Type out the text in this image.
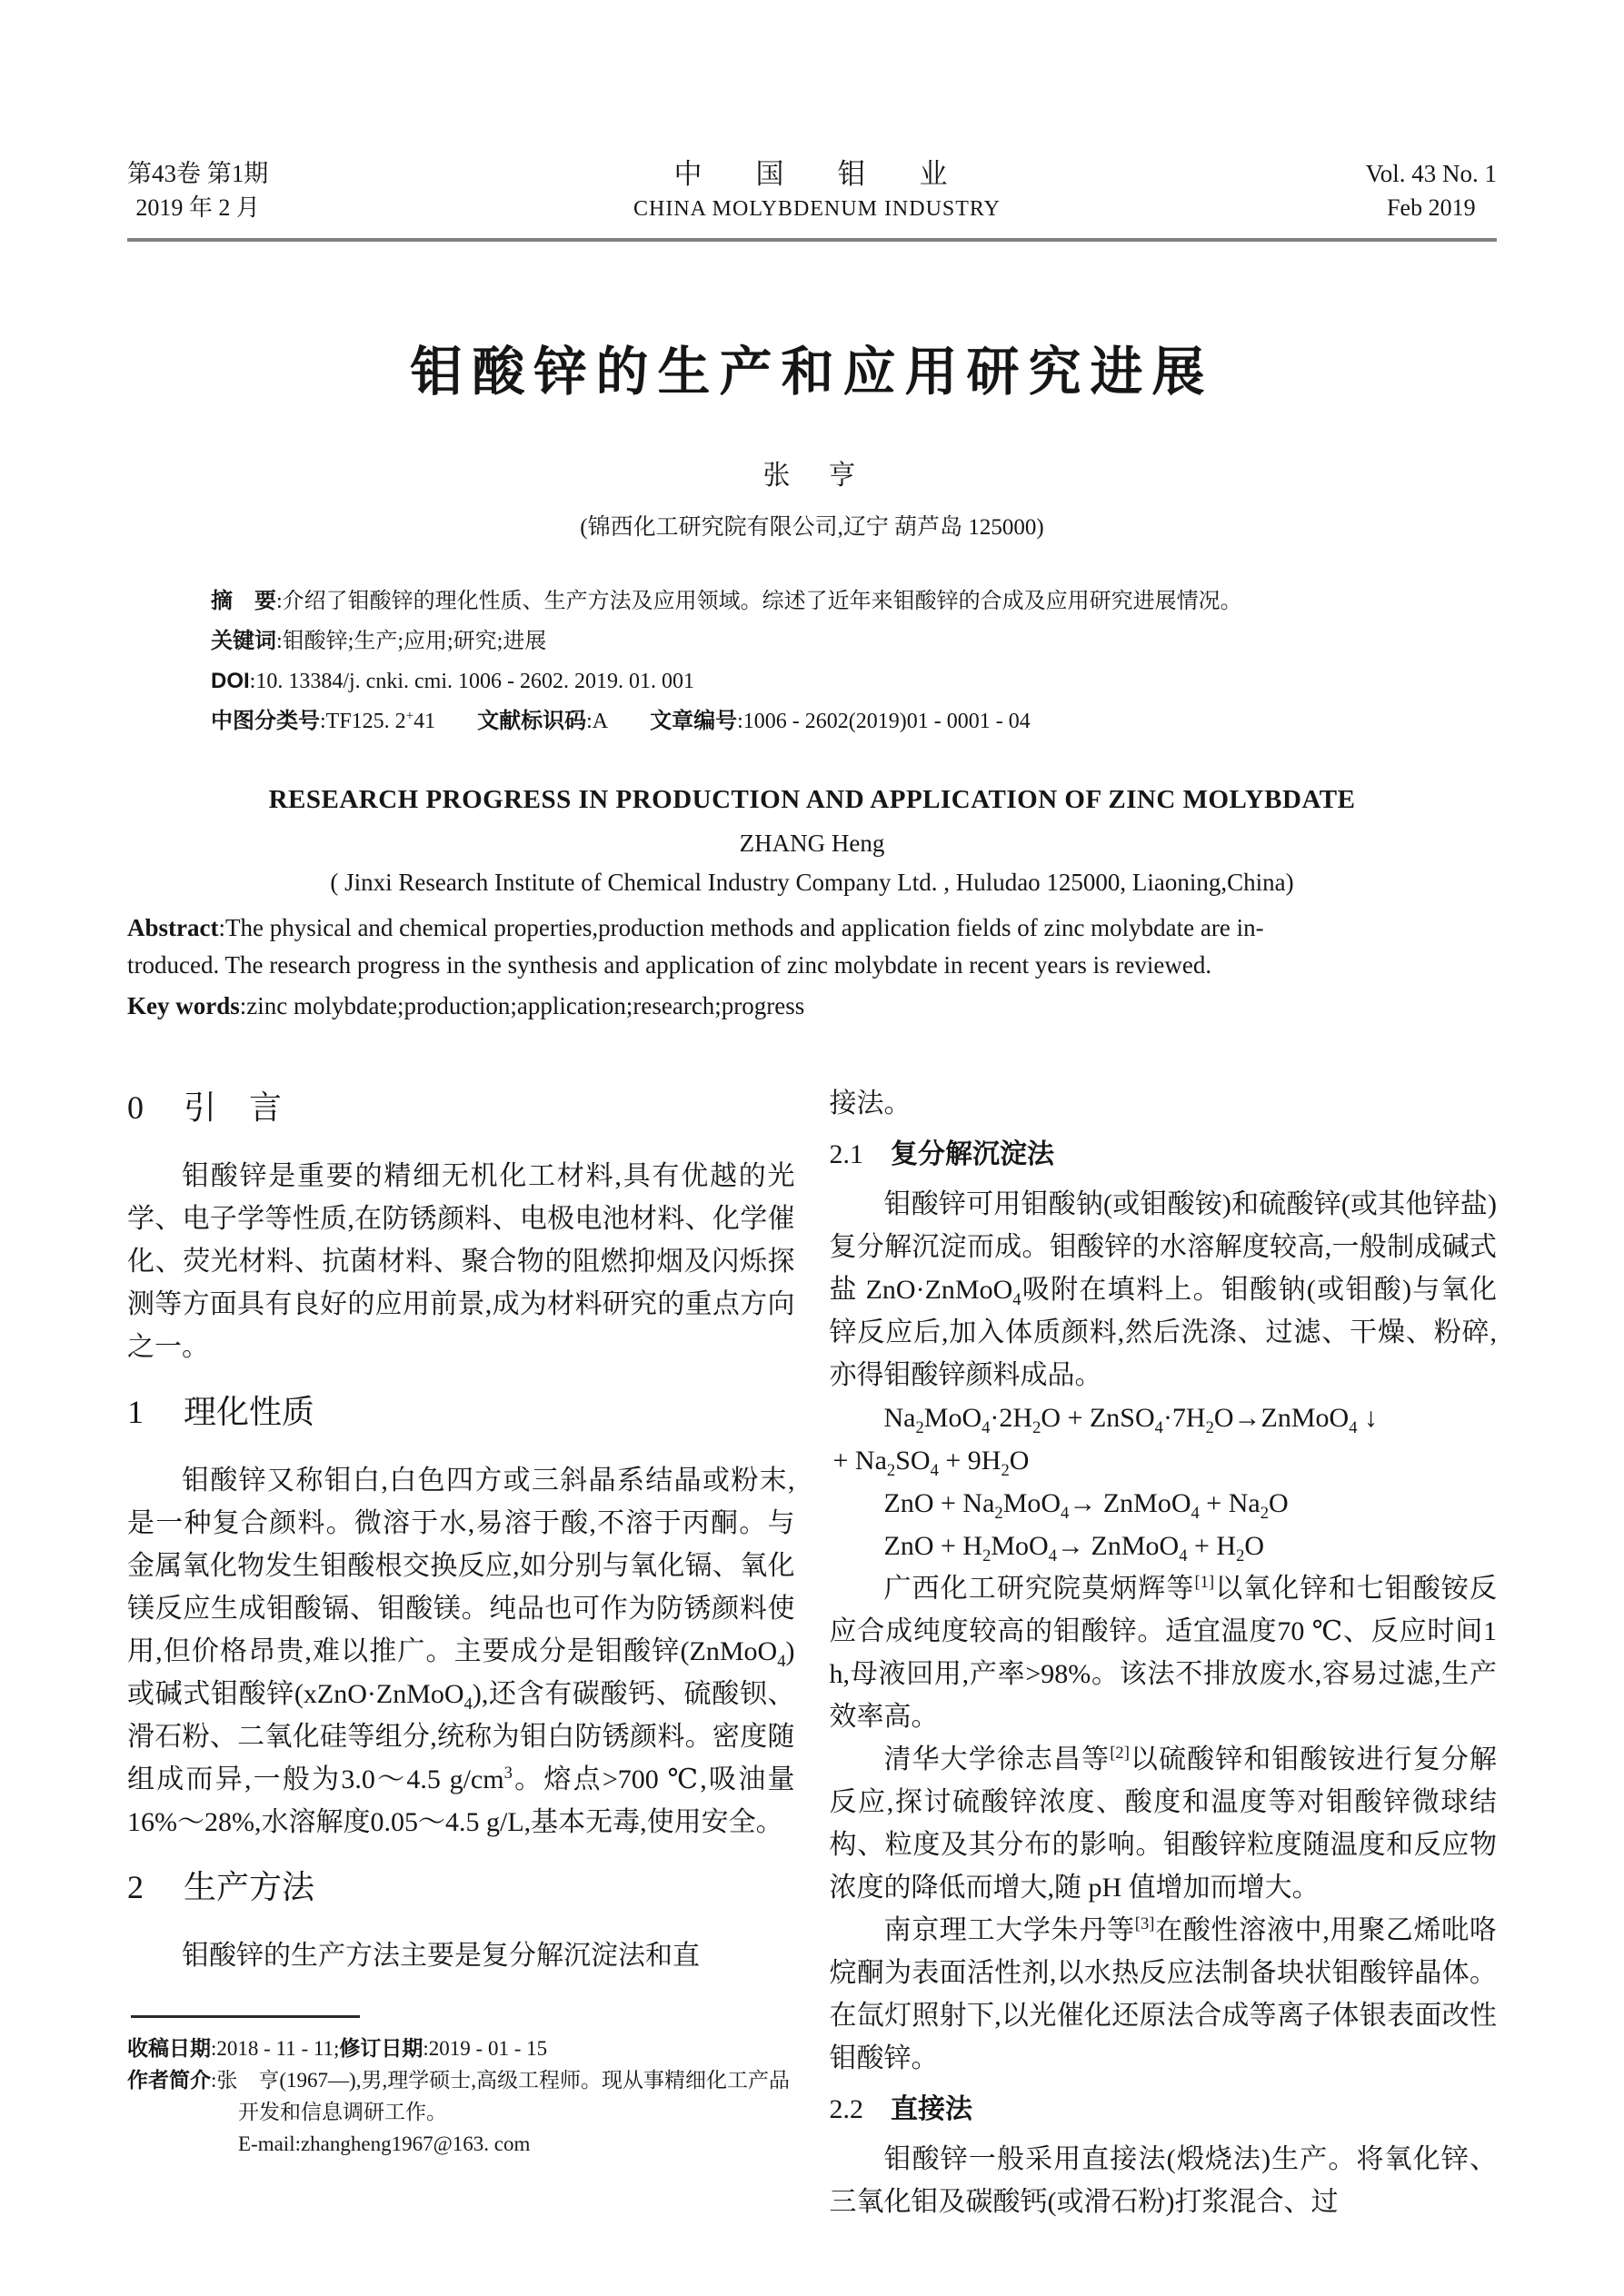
第43卷 第1期
2019 年 2 月
中　国　钼　业
CHINA MOLYBDENUM INDUSTRY
Vol. 43 No. 1
Feb 2019
钼酸锌的生产和应用研究进展
张　亨
(锦西化工研究院有限公司,辽宁 葫芦岛 125000)
摘　要:介绍了钼酸锌的理化性质、生产方法及应用领域。综述了近年来钼酸锌的合成及应用研究进展情况。
关键词:钼酸锌;生产;应用;研究;进展
DOI:10. 13384/j. cnki. cmi. 1006 - 2602. 2019. 01. 001
中图分类号:TF125. 2+41 文献标识码:A 文章编号:1006 - 2602(2019)01 - 0001 - 04
RESEARCH PROGRESS IN PRODUCTION AND APPLICATION OF ZINC MOLYBDATE
ZHANG Heng
( Jinxi Research Institute of Chemical Industry Company Ltd. , Huludao 125000, Liaoning,China)
Abstract:The physical and chemical properties,production methods and application fields of zinc molybdate are in-
troduced. The research progress in the synthesis and application of zinc molybdate in recent years is reviewed.
Key words:zinc molybdate;production;application;research;progress
0 引　言

钼酸锌是重要的精细无机化工材料,具有优越的光学、电子学等性质,在防锈颜料、电极电池材料、化学催化、荧光材料、抗菌材料、聚合物的阻燃抑烟及闪烁探测等方面具有良好的应用前景,成为材料研究的重点方向之一。

1 理化性质

钼酸锌又称钼白,白色四方或三斜晶系结晶或粉末,是一种复合颜料。微溶于水,易溶于酸,不溶于丙酮。与金属氧化物发生钼酸根交换反应,如分别与氧化镉、氧化镁反应生成钼酸镉、钼酸镁。纯品也可作为防锈颜料使用,但价格昂贵,难以推广。主要成分是钼酸锌(ZnMoO$_4$)或碱式钼酸锌(xZnO·ZnMoO$_4$),还含有碳酸钙、硫酸钡、滑石粉、二氧化硅等组分,统称为钼白防锈颜料。密度随组成而异,一般为3.0～4.5 $g/cm^3$。熔点>700 ℃,吸油量16%～28%,水溶解度0.05～4.5 g/L,基本无毒,使用安全。

2 生产方法

钼酸锌的生产方法主要是复分解沉淀法和直

收稿日期:2018 - 11 - 11;修订日期:2019 - 01 - 15
作者简介:张　亨(1967—),男,理学硕士,高级工程师。现从事精细化工产品开发和信息调研工作。
E-mail:zhangheng1967@163. com

接法。

2.1 复分解沉淀法

钼酸锌可用钼酸钠(或钼酸铵)和硫酸锌(或其他锌盐)复分解沉淀而成。钼酸锌的水溶解度较高,一般制成碱式盐 ZnO·ZnMoO$_4$吸附在填料上。钼酸钠(或钼酸)与氧化锌反应后,加入体质颜料,然后洗涤、过滤、干燥、粉碎,亦得钼酸锌颜料成品。

$Na_2MoO_4\cdot 2H_2O$ + $ZnSO_4\cdot 7H_2O\to ZnMoO_4$ ↓
+ $Na_2SO_4 + 9H_2O$
ZnO + $Na_2MoO_4\to$ ZnMoO$_4$ + $Na_2O$
ZnO + $H_2MoO_4\to$ ZnMoO$_4$ + $H_2O$

广西化工研究院莫炳辉等[1]以氧化锌和七钼酸铵反应合成纯度较高的钼酸锌。适宜温度70 ℃、反应时间1 h,母液回用,产率>98%。该法不排放废水,容易过滤,生产效率高。

清华大学徐志昌等[2]以硫酸锌和钼酸铵进行复分解反应,探讨硫酸锌浓度、酸度和温度等对钼酸锌微球结构、粒度及其分布的影响。钼酸锌粒度随温度和反应物浓度的降低而增大,随 pH 值增加而增大。

南京理工大学朱丹等[3]在酸性溶液中,用聚乙烯吡咯烷酮为表面活性剂,以水热反应法制备块状钼酸锌晶体。在氙灯照射下,以光催化还原法合成等离子体银表面改性钼酸锌。

2.2 直接法

钼酸锌一般采用直接法(煅烧法)生产。将氧化锌、三氧化钼及碳酸钙(或滑石粉)打浆混合、过
